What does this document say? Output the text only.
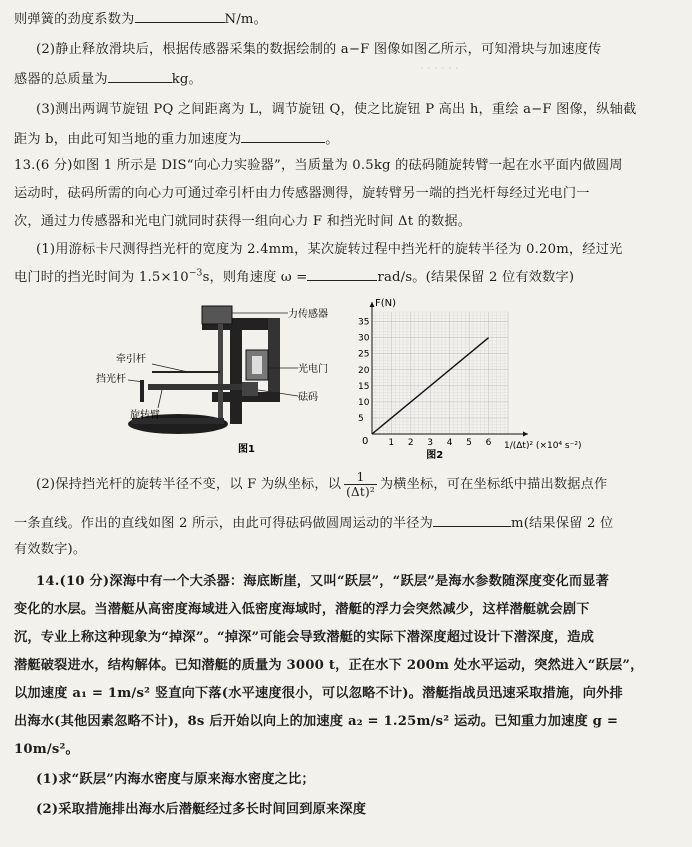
· · · · · ·
则弹簧的劲度系数为	N/m。
(2)静止释放滑块后，根据传感器采集的数据绘制的 a−F 图像如图乙所示，可知滑块与加速度传
感器的总质量为	kg。
(3)测出两调节旋钮 PQ 之间距离为 L，调节旋钮 Q，使之比旋钮 P 高出 h，重绘 a−F 图像，纵轴截
距为 b，由此可知当地的重力加速度为	。
13.(6 分)如图 1 所示是 DIS“向心力实验器”，当质量为 0.5kg 的砝码随旋转臂一起在水平面内做圆周
运动时，砝码所需的向心力可通过牵引杆由力传感器测得，旋转臂另一端的挡光杆每经过光电门一
次，通过力传感器和光电门就同时获得一组向心力 F 和挡光时间 Δt 的数据。
(1)用游标卡尺测得挡光杆的宽度为 2.4mm，某次旋转过程中挡光杆的旋转半径为 0.20m，经过光
电门时的挡光时间为 $1.5\times 10^{-3}s$，则角速度 ω =	rad/s。(结果保留 2 位有效数字)
力传感器
牵引杆
光电门
挡光杆
砝码
旋转臂
图1
1 2 3 4 5 6
5
10
15
20
25
30
35
F(N)
1/(Δt)² (×10⁴ s⁻²)
0
图2
(2)保持挡光杆的旋转半径不变，以 F 为纵坐标，以 $\frac{1}{\text{(Δt)²}}$ 为横坐标，可在坐标纸中描出数据点作
一条直线。作出的直线如图 2 所示，由此可得砝码做圆周运动的半径为	m(结果保留 2 位
有效数字)。
14.(10 分)深海中有一个大杀器：海底断崖，又叫“跃层”，“跃层”是海水参数随深度变化而显著
变化的水层。当潜艇从高密度海域进入低密度海域时，潜艇的浮力会突然减少，这样潜艇就会剧下
沉，专业上称这种现象为“掉深”。“掉深”可能会导致潜艇的实际下潜深度超过设计下潜深度，造成
潜艇破裂进水，结构解体。已知潜艇的质量为 3000 t，正在水下 200m 处水平运动，突然进入“跃层”，
以加速度 a₁ = 1m/s² 竖直向下落(水平速度很小，可以忽略不计)。潜艇指战员迅速采取措施，向外排
出海水(其他因素忽略不计)，8s 后开始以向上的加速度 a₂ = 1.25m/s² 运动。已知重力加速度 g =
10m/s²。
(1)求“跃层”内海水密度与原来海水密度之比；
(2)采取措施排出海水后潜艇经过多长时间回到原来深度
